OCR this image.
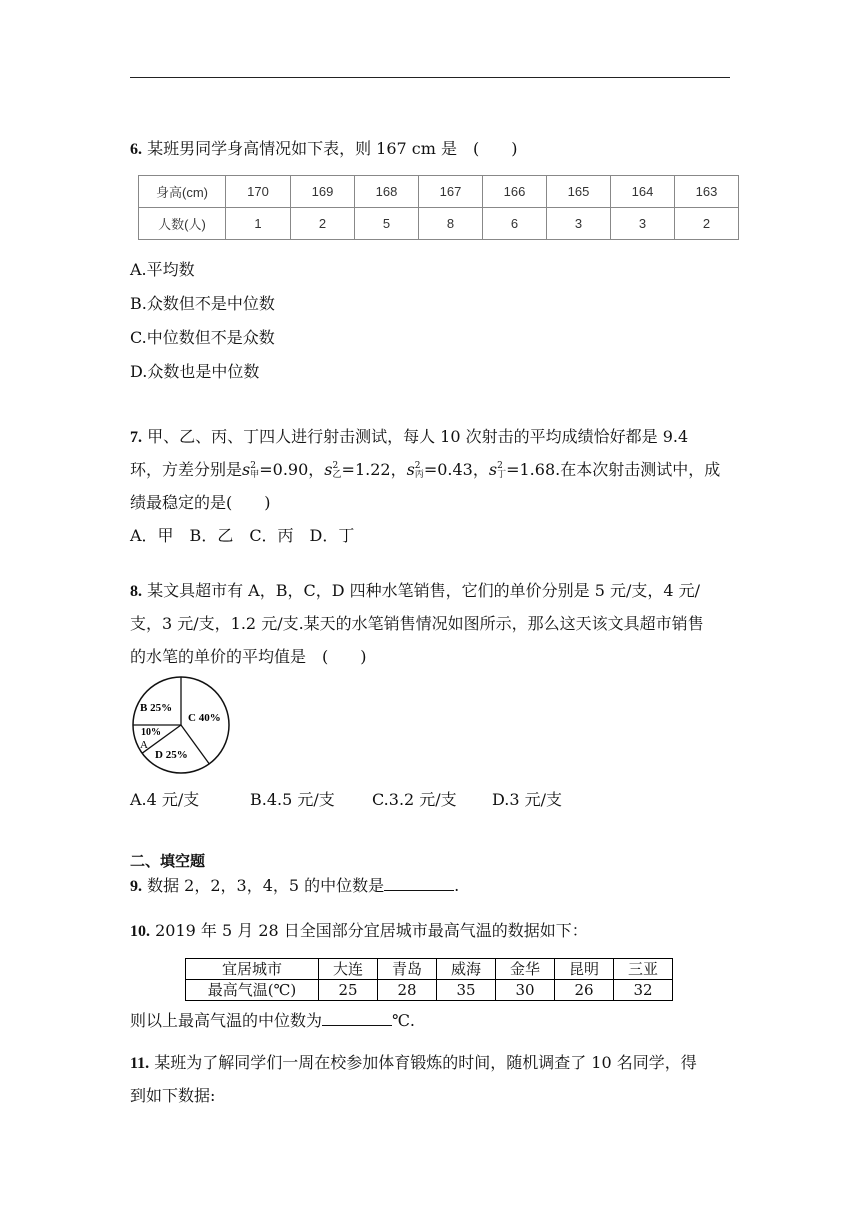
6. 某班男同学身高情况如下表，则 167 cm 是　(　　)
身高(cm)	170	169	168	167	166	165	164	163
人数(人)	1	2	5	8	6	3	3	2
A.平均数
B.众数但不是中位数
C.中位数但不是众数
D.众数也是中位数
7. 甲、乙、丙、丁四人进行射击测试，每人 10 次射击的平均成绩恰好都是 9.4
环，方差分别是s2
甲=0.90，s2
乙=1.22，s2
丙=0.43，s2
丁=1.68.在本次射击测试中，成
绩最稳定的是(　　)
A．甲　B．乙　C．丙　D．丁
8. 某文具超市有 A，B，C，D 四种水笔销售，它们的单价分别是 5 元/支，4 元/
支，3 元/支，1.2 元/支.某天的水笔销售情况如图所示，那么这天该文具超市销售
的水笔的单价的平均值是　(　　)
B 25%
C 40%
10%
A
D 25%
A.4 元/支	B.4.5 元/支 C.3.2 元/支 D.3 元/支
二、填空题
9. 数据 2，2，3，4，5 的中位数是	.
10. 2019 年 5 月 28 日全国部分宜居城市最高气温的数据如下：
宜居城市	大连	青岛	威海	金华	昆明	三亚
最高气温(℃)	25	28	35	30	26	32
则以上最高气温的中位数为	℃.
11. 某班为了解同学们一周在校参加体育锻炼的时间，随机调查了 10 名同学，得
到如下数据:
